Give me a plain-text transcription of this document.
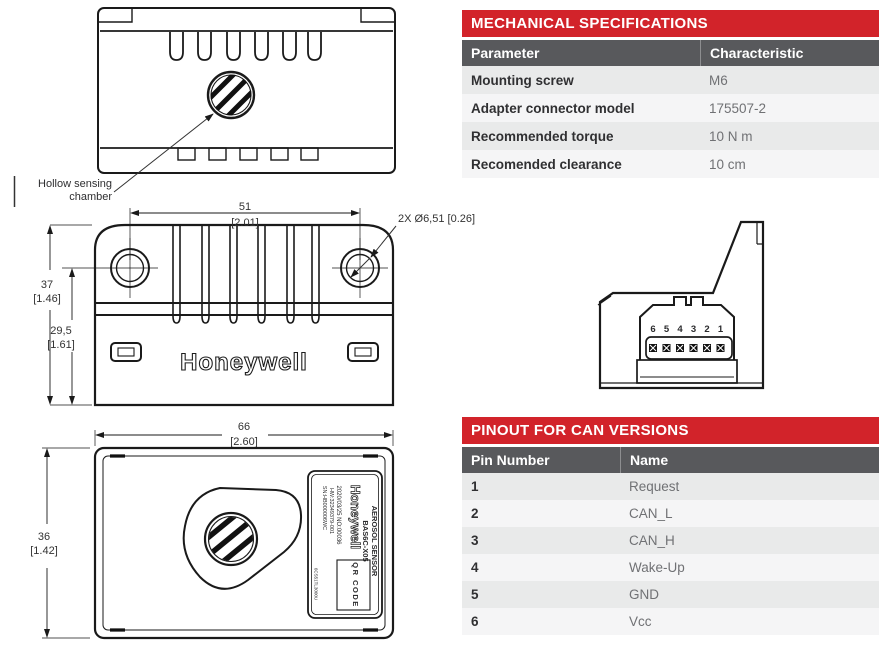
Hollow sensing
chamber
Honeywell
51
[2.01]	2X Ø6,51 [0.26]
37
[1.46]
29,5
[1.61]
6 5 4 3 2 1
66
[2.60]
36
[1.42]	AEROSOL SENSOR
BAS6C-X05
Honeywell
2020/03/25 NO:00036
HW:32349379-001
SN:HB000006WC
6CS51TL3000U	QR CODE
MECHANICAL SPECIFICATIONS
Parameter	Characteristic
Mounting screw	M6
Adapter connector model	175507-2
Recommended torque	10 N m
Recomended clearance	10 cm
PINOUT FOR CAN VERSIONS
Pin Number	Name
1	Request
2	CAN_L
3	CAN_H
4	Wake-Up
5	GND
6	Vcc
